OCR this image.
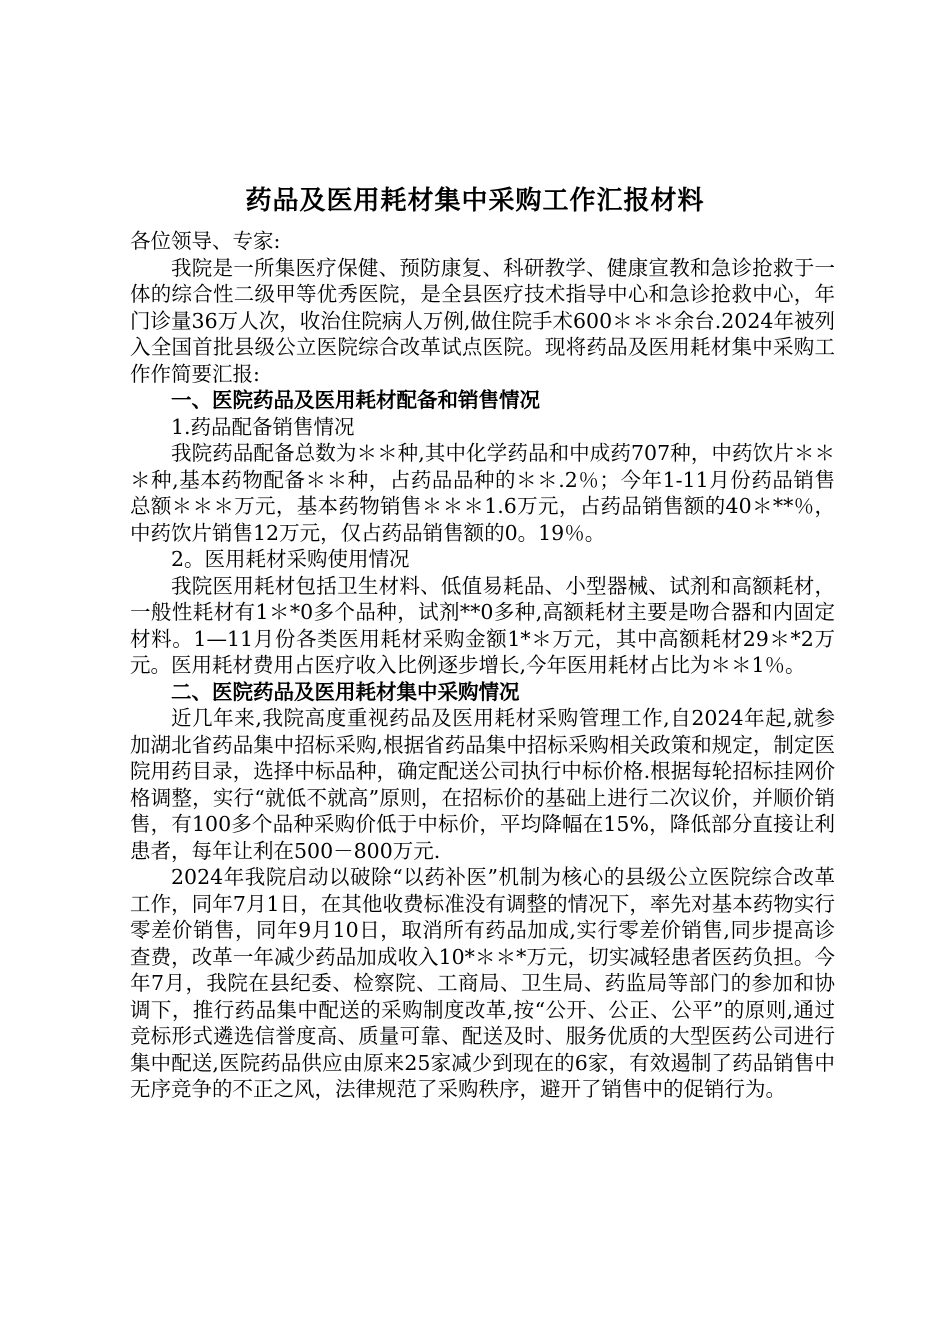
药品及医用耗材集中采购工作汇报材料

各位领导、专家:

我院是一所集医疗保健、预防康复、科研教学、健康宣教和急诊抢救于一体的综合性二级甲等优秀医院，是全县医疗技术指导中心和急诊抢救中心，年门诊量36万人次，收治住院病人万例,做住院手术600＊＊＊余台.2024年被列入全国首批县级公立医院综合改革试点医院。现将药品及医用耗材集中采购工作作简要汇报:

一、医院药品及医用耗材配备和销售情况

1.药品配备销售情况

我院药品配备总数为＊＊种,其中化学药品和中成药707种，中药饮片＊＊＊种,基本药物配备＊＊种，占药品品种的＊＊.2％；今年1-11月份药品销售总额＊＊＊万元，基本药物销售＊＊＊1.6万元，占药品销售额的40＊**％，中药饮片销售12万元，仅占药品销售额的0。19％。

2。医用耗材采购使用情况

我院医用耗材包括卫生材料、低值易耗品、小型器械、试剂和高额耗材，一般性耗材有1＊*0多个品种，试剂**0多种,高额耗材主要是吻合器和内固定材料。1—11月份各类医用耗材采购金额1*＊万元，其中高额耗材29＊*2万元。医用耗材费用占医疗收入比例逐步增长,今年医用耗材占比为＊＊1％。

二、医院药品及医用耗材集中采购情况

近几年来,我院高度重视药品及医用耗材采购管理工作,自2024年起,就参加湖北省药品集中招标采购,根据省药品集中招标采购相关政策和规定，制定医院用药目录，选择中标品种，确定配送公司执行中标价格.根据每轮招标挂网价格调整，实行“就低不就高”原则，在招标价的基础上进行二次议价，并顺价销售，有100多个品种采购价低于中标价，平均降幅在15%，降低部分直接让利患者，每年让利在500－800万元.

2024年我院启动以破除“以药补医”机制为核心的县级公立医院综合改革工作，同年7月1日，在其他收费标准没有调整的情况下，率先对基本药物实行零差价销售，同年9月10日，取消所有药品加成,实行零差价销售,同步提高诊查费，改革一年减少药品加成收入10*＊＊*万元，切实减轻患者医药负担。今年7月，我院在县纪委、检察院、工商局、卫生局、药监局等部门的参加和协调下，推行药品集中配送的采购制度改革,按“公开、公正、公平”的原则,通过竞标形式遴选信誉度高、质量可靠、配送及时、服务优质的大型医药公司进行集中配送,医院药品供应由原来25家减少到现在的6家，有效遏制了药品销售中无序竞争的不正之风，法律规范了采购秩序，避开了销售中的促销行为。
